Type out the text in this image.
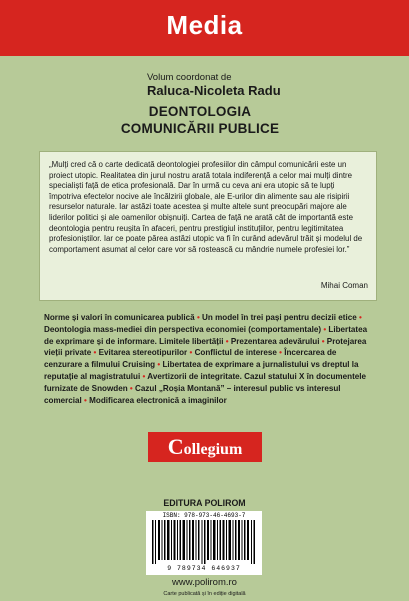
Media
Volum coordonat de
Raluca-Nicoleta Radu
DEONTOLOGIA
COMUNICĂRII PUBLICE
„Mulți cred că o carte dedicată deontologiei profesiilor din câmpul comunicării este un proiect utopic. Realitatea din jurul nostru arată totala indiferență a celor mai mulți dintre specialiști față de etica profesională. Dar în urmă cu ceva ani era utopic să te lupți împotriva efectelor nocive ale încălzirii globale, ale E-urilor din alimente sau ale risipirii resurselor naturale. Iar astăzi toate acestea și multe altele sunt preocupări majore ale liderilor politici și ale oamenilor obișnuiți. Cartea de față ne arată cât de importantă este deontologia pentru reușita în afaceri, pentru prestigiul instituțiilor, pentru legitimitatea profesioniștilor. Iar ce poate părea astăzi utopic va fi în curând adevărul trăit și modelul de comportament asumat al celor care vor să rostească cu mândrie numele profesiei lor.”
Mihai Coman
Norme și valori în comunicarea publică • Un model în trei pași pentru decizii etice • Deontologia mass-mediei din perspectiva economiei (comportamentale) • Libertatea de exprimare și de informare. Limitele libertății • Prezentarea adevărului • Protejarea vieții private • Evitarea stereotipurilor • Conflictul de interese • Încercarea de cenzurare a filmului Cruising • Libertatea de exprimare a jurnalistului vs dreptul la reputație al magistratului • Avertizorii de integritate. Cazul statului X în documentele furnizate de Snowden • Cazul „Roșia Montană” – interesul public vs interesul comercial • Modificarea electronică a imaginilor
Collegium
EDITURA POLIROM
ISBN: 978-973-46-4693-7
9 789734 646937
www.polirom.ro
Carte publicată și în ediție digitală
